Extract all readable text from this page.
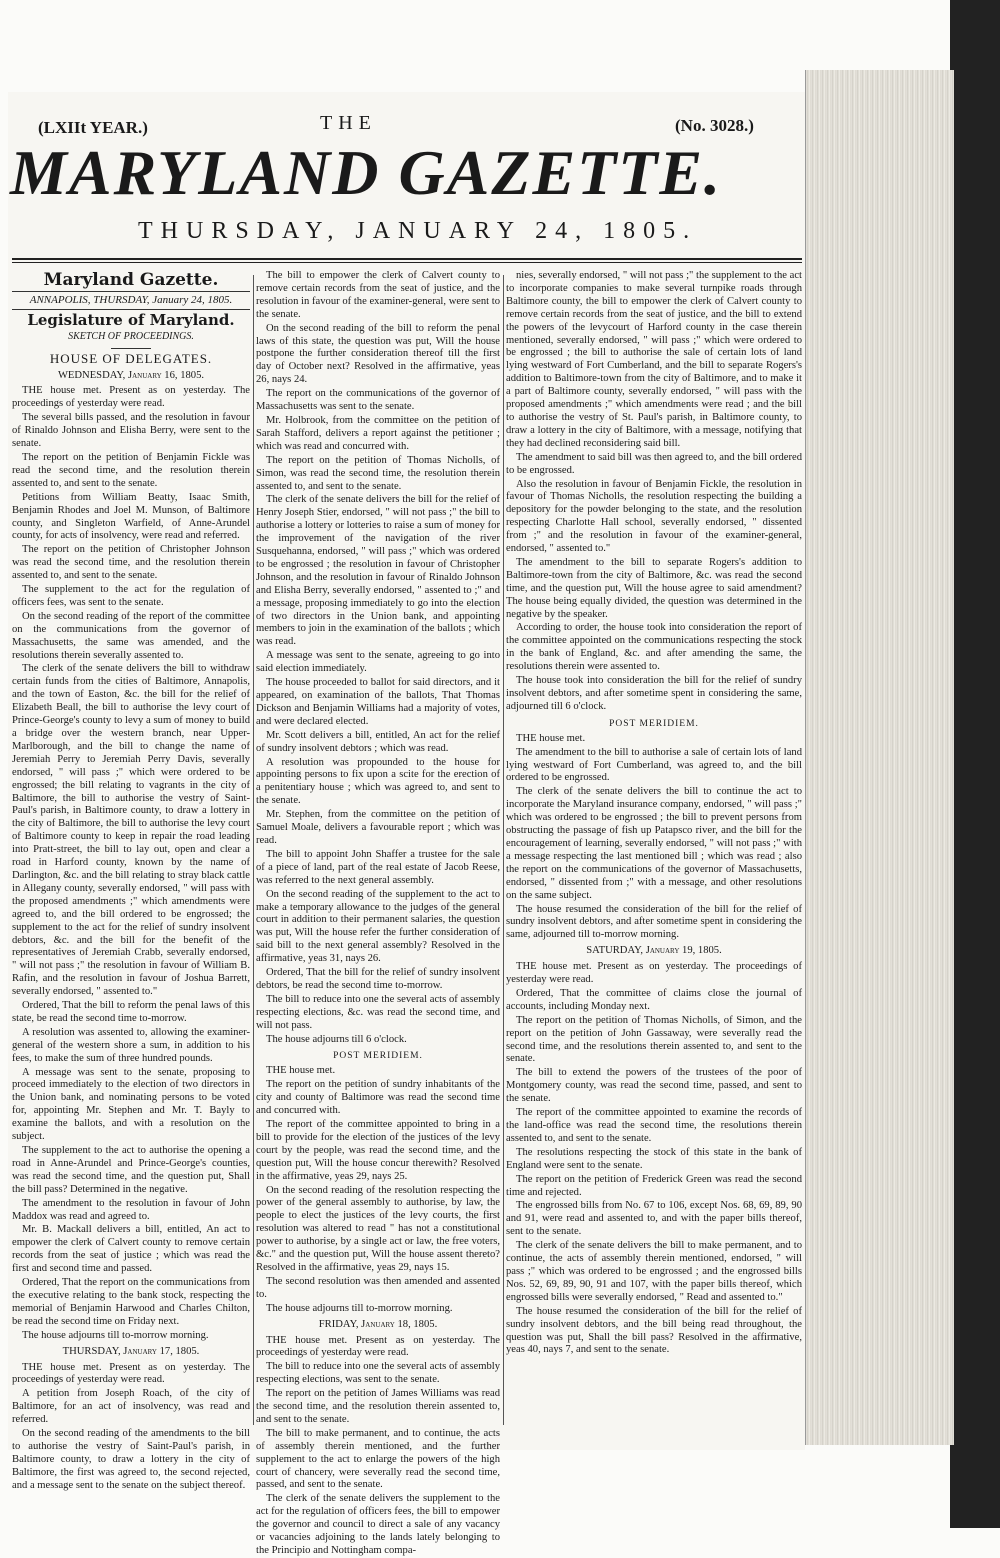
(LXIIt YEAR.)	THE	(No. 3028.)
MARYLAND GAZETTE.
THURSDAY, JANUARY 24, 1805.
Maryland Gazette.
ANNAPOLIS, THURSDAY, January 24, 1805.
Legislature of Maryland.
SKETCH OF PROCEEDINGS.
HOUSE OF DELEGATES.
WEDNESDAY, January 16, 1805.

THE house met. Present as on yesterday. The proceedings of yesterday were read.

The several bills passed, and the resolution in favour of Rinaldo Johnson and Elisha Berry, were sent to the senate.

The report on the petition of Benjamin Fickle was read the second time, and the resolution therein assented to, and sent to the senate.

Petitions from William Beatty, Isaac Smith, Benjamin Rhodes and Joel M. Munson, of Baltimore county, and Singleton Warfield, of Anne-Arundel county, for acts of insolvency, were read and referred.

The report on the petition of Christopher Johnson was read the second time, and the resolution therein assented to, and sent to the senate.

The supplement to the act for the regulation of officers fees, was sent to the senate.

On the second reading of the report of the committee on the communications from the governor of Massachusetts, the same was amended, and the resolutions therein severally assented to.

The clerk of the senate delivers the bill to withdraw certain funds from the cities of Baltimore, Annapolis, and the town of Easton, &c. the bill for the relief of Elizabeth Beall, the bill to authorise the levy court of Prince-George's county to levy a sum of money to build a bridge over the western branch, near Upper-Marlborough, and the bill to change the name of Jeremiah Perry to Jeremiah Perry Davis, severally endorsed, " will pass ;" which were ordered to be engrossed; the bill relating to vagrants in the city of Baltimore, the bill to authorise the vestry of Saint-Paul's parish, in Baltimore county, to draw a lottery in the city of Baltimore, the bill to authorise the levy court of Baltimore county to keep in repair the road leading into Pratt-street, the bill to lay out, open and clear a road in Harford county, known by the name of Darlington, &c. and the bill relating to stray black cattle in Allegany county, severally endorsed, " will pass with the proposed amendments ;" which amendments were agreed to, and the bill ordered to be engrossed; the supplement to the act for the relief of sundry insolvent debtors, &c. and the bill for the benefit of the representatives of Jeremiah Crabb, severally endorsed, " will not pass ;" the resolution in favour of William B. Rafin, and the resolution in favour of Joshua Barrett, severally endorsed, " assented to."

Ordered, That the bill to reform the penal laws of this state, be read the second time to-morrow.

A resolution was assented to, allowing the examiner-general of the western shore a sum, in addition to his fees, to make the sum of three hundred pounds.

A message was sent to the senate, proposing to proceed immediately to the election of two directors in the Union bank, and nominating persons to be voted for, appointing Mr. Stephen and Mr. T. Bayly to examine the ballots, and with a resolution on the subject.

The supplement to the act to authorise the opening a road in Anne-Arundel and Prince-George's counties, was read the second time, and the question put, Shall the bill pass? Determined in the negative.

The amendment to the resolution in favour of John Maddox was read and agreed to.

Mr. B. Mackall delivers a bill, entitled, An act to empower the clerk of Calvert county to remove certain records from the seat of justice ; which was read the first and second time and passed.

Ordered, That the report on the communications from the executive relating to the bank stock, respecting the memorial of Benjamin Harwood and Charles Chilton, be read the second time on Friday next.

The house adjourns till to-morrow morning.

THURSDAY, January 17, 1805.

THE house met. Present as on yesterday. The proceedings of yesterday were read.

A petition from Joseph Roach, of the city of Baltimore, for an act of insolvency, was read and referred.

On the second reading of the amendments to the bill to authorise the vestry of Saint-Paul's parish, in Baltimore county, to draw a lottery in the city of Baltimore, the first was agreed to, the second rejected, and a message sent to the senate on the subject thereof.

The bill to empower the clerk of Calvert county to remove certain records from the seat of justice, and the resolution in favour of the examiner-general, were sent to the senate.

On the second reading of the bill to reform the penal laws of this state, the question was put, Will the house postpone the further consideration thereof till the first day of October next? Resolved in the affirmative, yeas 26, nays 24.

The report on the communications of the governor of Massachusetts was sent to the senate.

Mr. Holbrook, from the committee on the petition of Sarah Stafford, delivers a report against the petitioner ; which was read and concurred with.

The report on the petition of Thomas Nicholls, of Simon, was read the second time, the resolution therein assented to, and sent to the senate.

The clerk of the senate delivers the bill for the relief of Henry Joseph Stier, endorsed, " will not pass ;" the bill to authorise a lottery or lotteries to raise a sum of money for the improvement of the navigation of the river Susquehanna, endorsed, " will pass ;" which was ordered to be engrossed ; the resolution in favour of Christopher Johnson, and the resolution in favour of Rinaldo Johnson and Elisha Berry, severally endorsed, " assented to ;" and a message, proposing immediately to go into the election of two directors in the Union bank, and appointing members to join in the examination of the ballots ; which was read.

A message was sent to the senate, agreeing to go into said election immediately.

The house proceeded to ballot for said directors, and it appeared, on examination of the ballots, That Thomas Dickson and Benjamin Williams had a majority of votes, and were declared elected.

Mr. Scott delivers a bill, entitled, An act for the relief of sundry insolvent debtors ; which was read.

A resolution was propounded to the house for appointing persons to fix upon a scite for the erection of a penitentiary house ; which was agreed to, and sent to the senate.

Mr. Stephen, from the committee on the petition of Samuel Moale, delivers a favourable report ; which was read.

The bill to appoint John Shaffer a trustee for the sale of a piece of land, part of the real estate of Jacob Reese, was referred to the next general assembly.

On the second reading of the supplement to the act to make a temporary allowance to the judges of the general court in addition to their permanent salaries, the question was put, Will the house refer the further consideration of said bill to the next general assembly? Resolved in the affirmative, yeas 31, nays 26.

Ordered, That the bill for the relief of sundry insolvent debtors, be read the second time to-morrow.

The bill to reduce into one the several acts of assembly respecting elections, &c. was read the second time, and will not pass.

The house adjourns till 6 o'clock.

POST MERIDIEM.

THE house met.

The report on the petition of sundry inhabitants of the city and county of Baltimore was read the second time and concurred with.

The report of the committee appointed to bring in a bill to provide for the election of the justices of the levy court by the people, was read the second time, and the question put, Will the house concur therewith? Resolved in the affirmative, yeas 29, nays 25.

On the second reading of the resolution respecting the power of the general assembly to authorise, by law, the people to elect the justices of the levy courts, the first resolution was altered to read " has not a constitutional power to authorise, by a single act or law, the free voters, &c." and the question put, Will the house assent thereto? Resolved in the affirmative, yeas 29, nays 15.

The second resolution was then amended and assented to.

The house adjourns till to-morrow morning.

FRIDAY, January 18, 1805.

THE house met. Present as on yesterday. The proceedings of yesterday were read.

The bill to reduce into one the several acts of assembly respecting elections, was sent to the senate.

The report on the petition of James Williams was read the second time, and the resolution therein assented to, and sent to the senate.

The bill to make permanent, and to continue, the acts of assembly therein mentioned, and the further supplement to the act to enlarge the powers of the high court of chancery, were severally read the second time, passed, and sent to the senate.

The clerk of the senate delivers the supplement to the act for the regulation of officers fees, the bill to empower the governor and council to direct a sale of any vacancy or vacancies adjoining to the lands lately belonging to the Principio and Nottingham compa-

nies, severally endorsed, " will not pass ;" the supplement to the act to incorporate companies to make several turnpike roads through Baltimore county, the bill to empower the clerk of Calvert county to remove certain records from the seat of justice, and the bill to extend the powers of the levycourt of Harford county in the case therein mentioned, severally endorsed, " will pass ;" which were ordered to be engrossed ; the bill to authorise the sale of certain lots of land lying westward of Fort Cumberland, and the bill to separate Rogers's addition to Baltimore-town from the city of Baltimore, and to make it a part of Baltimore county, severally endorsed, " will pass with the proposed amendments ;" which amendments were read ; and the bill to authorise the vestry of St. Paul's parish, in Baltimore county, to draw a lottery in the city of Baltimore, with a message, notifying that they had declined reconsidering said bill.

The amendment to said bill was then agreed to, and the bill ordered to be engrossed.

Also the resolution in favour of Benjamin Fickle, the resolution in favour of Thomas Nicholls, the resolution respecting the building a depository for the powder belonging to the state, and the resolution respecting Charlotte Hall school, severally endorsed, " dissented from ;" and the resolution in favour of the examiner-general, endorsed, " assented to."

The amendment to the bill to separate Rogers's addition to Baltimore-town from the city of Baltimore, &c. was read the second time, and the question put, Will the house agree to said amendment? The house being equally divided, the question was determined in the negative by the speaker.

According to order, the house took into consideration the report of the committee appointed on the communications respecting the stock in the bank of England, &c. and after amending the same, the resolutions therein were assented to.

The house took into consideration the bill for the relief of sundry insolvent debtors, and after sometime spent in considering the same, adjourned till 6 o'clock.

POST MERIDIEM.

THE house met.

The amendment to the bill to authorise a sale of certain lots of land lying westward of Fort Cumberland, was agreed to, and the bill ordered to be engrossed.

The clerk of the senate delivers the bill to continue the act to incorporate the Maryland insurance company, endorsed, " will pass ;" which was ordered to be engrossed ; the bill to prevent persons from obstructing the passage of fish up Patapsco river, and the bill for the encouragement of learning, severally endorsed, " will not pass ;" with a message respecting the last mentioned bill ; which was read ; also the report on the communications of the governor of Massachusetts, endorsed, " dissented from ;" with a message, and other resolutions on the same subject.

The house resumed the consideration of the bill for the relief of sundry insolvent debtors, and after sometime spent in considering the same, adjourned till to-morrow morning.

SATURDAY, January 19, 1805.

THE house met. Present as on yesterday. The proceedings of yesterday were read.

Ordered, That the committee of claims close the journal of accounts, including Monday next.

The report on the petition of Thomas Nicholls, of Simon, and the report on the petition of John Gassaway, were severally read the second time, and the resolutions therein assented to, and sent to the senate.

The bill to extend the powers of the trustees of the poor of Montgomery county, was read the second time, passed, and sent to the senate.

The report of the committee appointed to examine the records of the land-office was read the second time, the resolutions therein assented to, and sent to the senate.

The resolutions respecting the stock of this state in the bank of England were sent to the senate.

The report on the petition of Frederick Green was read the second time and rejected.

The engrossed bills from No. 67 to 106, except Nos. 68, 69, 89, 90 and 91, were read and assented to, and with the paper bills thereof, sent to the senate.

The clerk of the senate delivers the bill to make permanent, and to continue, the acts of assembly therein mentioned, endorsed, " will pass ;" which was ordered to be engrossed ; and the engrossed bills Nos. 52, 69, 89, 90, 91 and 107, with the paper bills thereof, which engrossed bills were severally endorsed, " Read and assented to."

The house resumed the consideration of the bill for the relief of sundry insolvent debtors, and the bill being read throughout, the question was put, Shall the bill pass? Resolved in the affirmative, yeas 40, nays 7, and sent to the senate.
